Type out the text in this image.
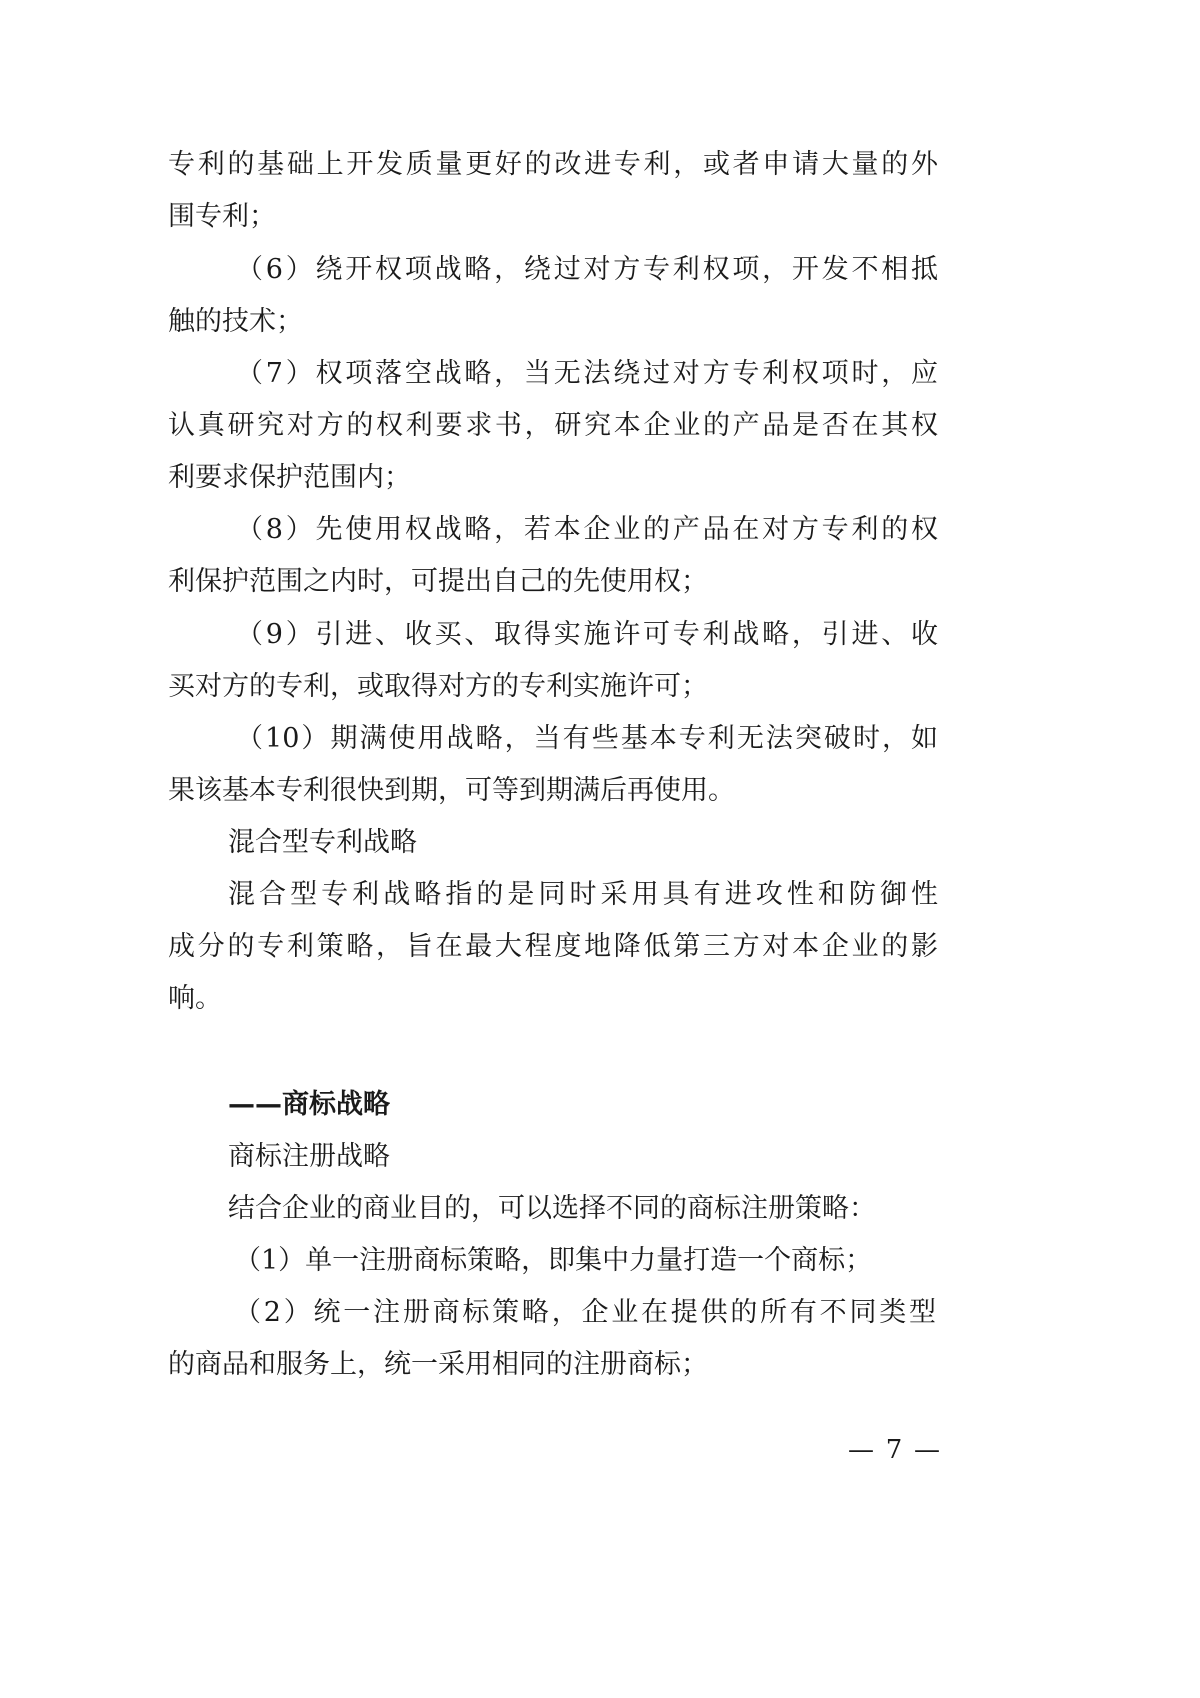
专利的基础上开发质量更好的改进专利，或者申请大量的外
围专利；
（6）绕开权项战略，绕过对方专利权项，开发不相抵
触的技术；
（7）权项落空战略，当无法绕过对方专利权项时，应
认真研究对方的权利要求书，研究本企业的产品是否在其权
利要求保护范围内；
（8）先使用权战略，若本企业的产品在对方专利的权
利保护范围之内时，可提出自己的先使用权；
（9）引进、收买、取得实施许可专利战略，引进、收
买对方的专利，或取得对方的专利实施许可；
（10）期满使用战略，当有些基本专利无法突破时，如
果该基本专利很快到期，可等到期满后再使用。
混合型专利战略
混合型专利战略指的是同时采用具有进攻性和防御性
成分的专利策略，旨在最大程度地降低第三方对本企业的影
响。
——商标战略
商标注册战略
结合企业的商业目的，可以选择不同的商标注册策略：
（1）单一注册商标策略，即集中力量打造一个商标；
（2）统一注册商标策略，企业在提供的所有不同类型
的商品和服务上，统一采用相同的注册商标；
— 7 —
